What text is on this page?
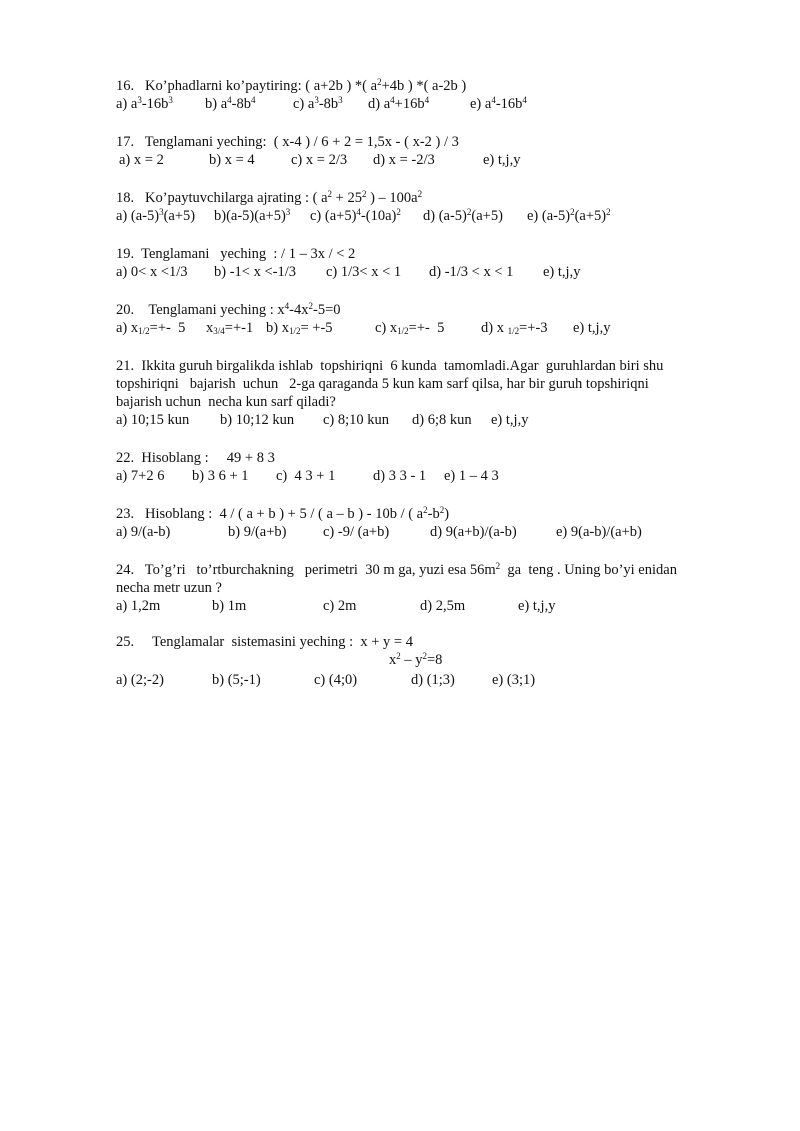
16. Ko’phadlarni ko’paytiring: ( a+2b ) *( $a^2+4b$ ) *( a-2b )
a) $a^3-16b^3$ b) $a^4-8b^4$	c) $a^3-8b^3$ d) $a^4+16b^4$	e) $a^4-16b^4$
17. Tenglamani yeching:  ( x-4 ) / 6 + 2 = 1,5x - ( x-2 ) / 3
a) x = 2	b) x = 4	c) x = 2/3 d) x = -2/3	e) t,j,y
18. Ko’paytuvchilarga ajrating : ( $a^2 + 25^2$ ) – $100a^2$
a) $(a-5)^3(a+5)$ $b)(a-5)(a+5)^3$ c) $(a+5)^4-(10a)^2$ d) $(a-5)^2(a+5)$ e) $(a-5)^2(a+5)^2$
19. Tenglamani   yeching  : / 1 – 3x / < 2
a) 0< x <1/3 b) -1< x <-1/3 c) 1/3< x < 1 d) -1/3 < x < 1 e) t,j,y
20. Tenglamani yeching : $x^4-4x^2-5=0$
a) $x_{1/2}=+-$  5 $x_{3/4}=+-1$ b) $x_{1/2}= +-5$	c) $x_{1/2}=+-$  5	d) x $_{1/2}$=+-3 e) t,j,y
21. Ikkita guruh birgalikda ishlab  topshiriqni  6 kunda  tamomladi.Agar  guruhlardan biri shu
topshiriqni   bajarish  uchun   2-ga qaraganda 5 kun kam sarf qilsa, har bir guruh topshiriqni
bajarish uchun  necha kun sarf qiladi?
a) 10;15 kun b) 10;12 kun c) 8;10 kun d) 6;8 kun e) t,j,y
22. Hisoblang :     49 + 8 3
a) 7+2 6 b) 3 6 + 1 c)  4 3 + 1	d) 3 3 - 1 e) 1 – 4 3
23. Hisoblang :  4 / ( a + b ) + 5 / ( a – b ) - 10b / ( $a^2-b^2$)
a) 9/(a-b)	b) 9/(a+b)	c) -9/ (a+b)	d) 9(a+b)/(a-b)	e) 9(a-b)/(a+b)
24. To’g’ri   to’rtburchakning   perimetri  30 m ga, yuzi esa $56m^2$  ga  teng . Uning bo’yi enidan
necha metr uzun ?
a) 1,2m	b) 1m	c) 2m	d) 2,5m	e) t,j,y
25. Tenglamalar  sistemasini yeching :  x + y = 4
$x^2 - y^2=8$
a) (2;-2)	b) (5;-1)	c) (4;0)	d) (1;3)	e) (3;1)
